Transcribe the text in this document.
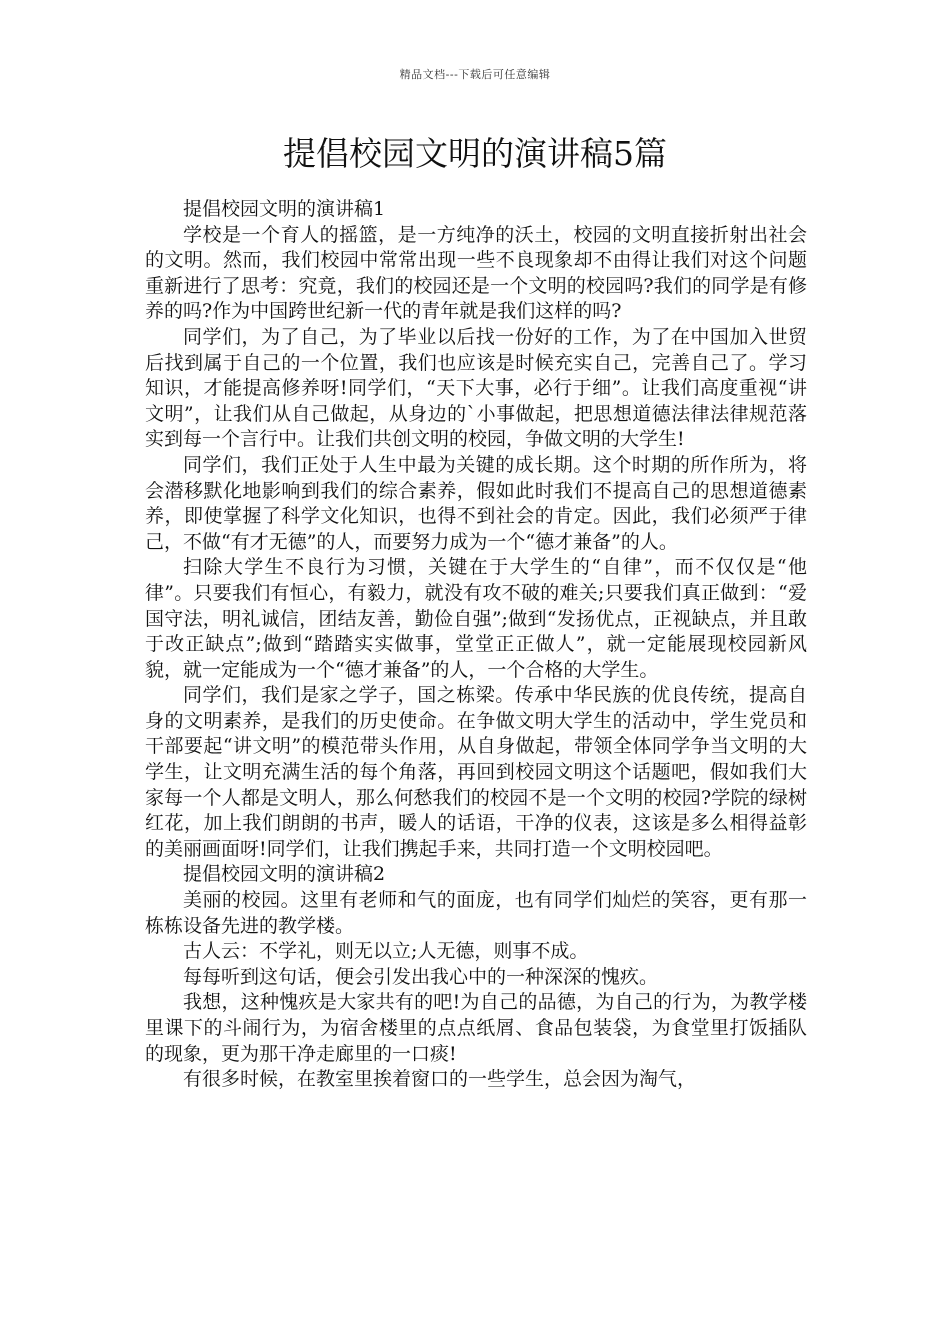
精品文档---下载后可任意编辑
提倡校园文明的演讲稿5篇

提倡校园文明的演讲稿1

学校是一个育人的摇篮，是一方纯净的沃土，校园的文明直接折射出社会的文明。然而，我们校园中常常出现一些不良现象却不由得让我们对这个问题重新进行了思考：究竟，我们的校园还是一个文明的校园吗?我们的同学是有修养的吗?作为中国跨世纪新一代的青年就是我们这样的吗?

同学们，为了自己，为了毕业以后找一份好的工作，为了在中国加入世贸后找到属于自己的一个位置，我们也应该是时候充实自己，完善自己了。学习知识，才能提高修养呀!同学们，“天下大事，必行于细”。让我们高度重视“讲文明”，让我们从自己做起，从身边的`小事做起，把思想道德法律法律规范落实到每一个言行中。让我们共创文明的校园，争做文明的大学生!

同学们，我们正处于人生中最为关键的成长期。这个时期的所作所为，将会潜移默化地影响到我们的综合素养，假如此时我们不提高自己的思想道德素养，即使掌握了科学文化知识，也得不到社会的肯定。因此，我们必须严于律己，不做“有才无德”的人，而要努力成为一个“德才兼备”的人。

扫除大学生不良行为习惯，关键在于大学生的“自律”，而不仅仅是“他律”。只要我们有恒心，有毅力，就没有攻不破的难关;只要我们真正做到：“爱国守法，明礼诚信，团结友善，勤俭自强”;做到“发扬优点，正视缺点，并且敢于改正缺点”;做到“踏踏实实做事，堂堂正正做人”，就一定能展现校园新风貌，就一定能成为一个“德才兼备”的人，一个合格的大学生。

同学们，我们是家之学子，国之栋梁。传承中华民族的优良传统，提高自身的文明素养，是我们的历史使命。在争做文明大学生的活动中，学生党员和干部要起“讲文明”的模范带头作用，从自身做起，带领全体同学争当文明的大学生，让文明充满生活的每个角落，再回到校园文明这个话题吧，假如我们大家每一个人都是文明人，那么何愁我们的校园不是一个文明的校园?学院的绿树红花，加上我们朗朗的书声，暖人的话语，干净的仪表，这该是多么相得益彰的美丽画面呀!同学们，让我们携起手来，共同打造一个文明校园吧。

提倡校园文明的演讲稿2

美丽的校园。这里有老师和气的面庞，也有同学们灿烂的笑容，更有那一栋栋设备先进的教学楼。

古人云：不学礼，则无以立;人无德，则事不成。

每每听到这句话，便会引发出我心中的一种深深的愧疚。

我想，这种愧疚是大家共有的吧!为自己的品德，为自己的行为，为教学楼里课下的斗闹行为，为宿舍楼里的点点纸屑、食品包装袋，为食堂里打饭插队的现象，更为那干净走廊里的一口痰!

有很多时候，在教室里挨着窗口的一些学生，总会因为淘气，
